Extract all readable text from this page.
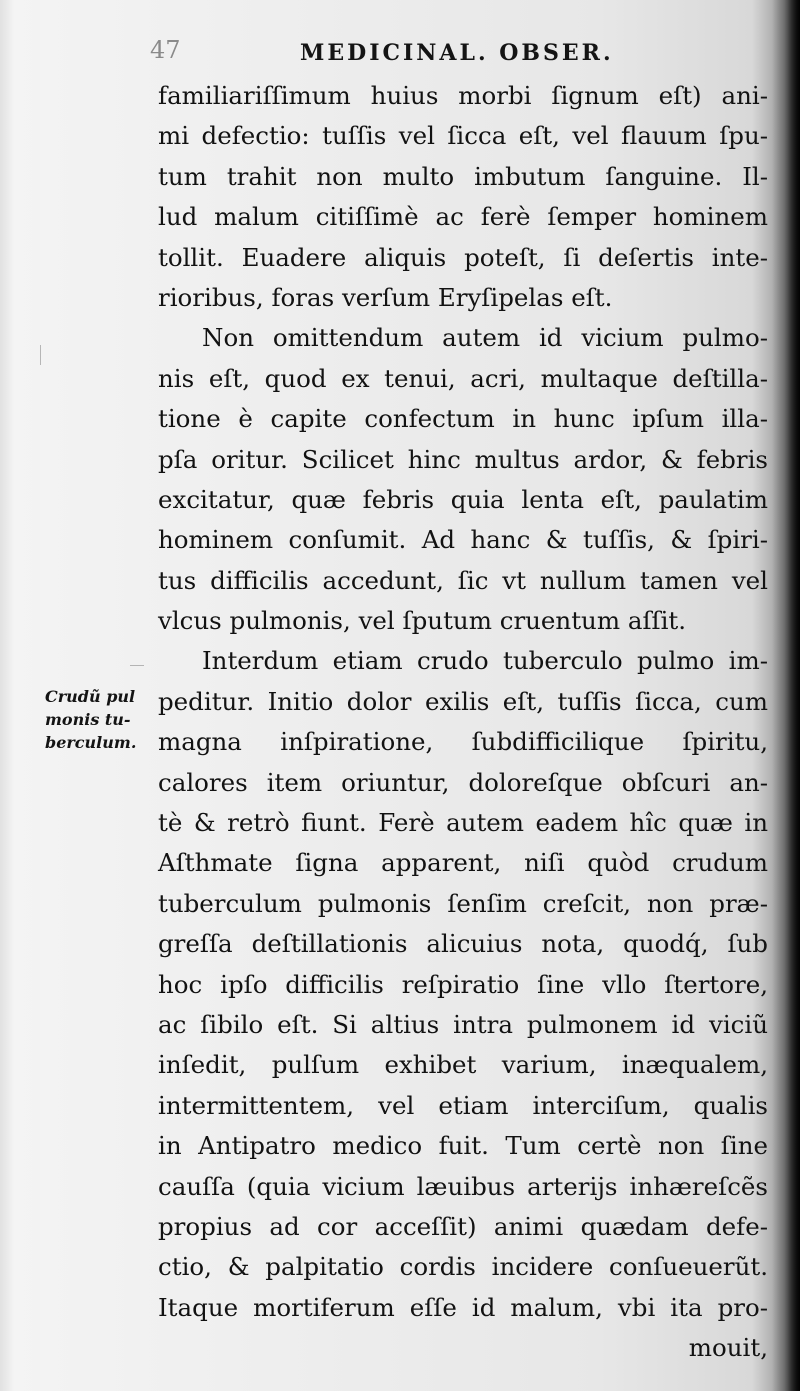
47	MEDICINAL. OBSER.
Crudũ pul
monis tu-
berculum.
familiariſſimum huius morbi ſignum eſt) ani-
mi defectio: tuſſis vel ſicca eſt, vel flauum ſpu-
tum trahit non multo imbutum ſanguine. Il-
lud malum citiſſimè ac ferè ſemper hominem
tollit. Euadere aliquis poteſt, ſi deſertis inte-
rioribus, foras verſum Eryſipelas eſt.
Non omittendum autem id vicium pulmo-
nis eſt, quod ex tenui, acri, multaque deſtilla-
tione è capite confectum in hunc ipſum illa-
pſa oritur. Scilicet hinc multus ardor, & febris
excitatur, quæ febris quia lenta eſt, paulatim
hominem conſumit. Ad hanc & tuſſis, & ſpiri-
tus difficilis accedunt, ſic vt nullum tamen vel
vlcus pulmonis, vel ſputum cruentum aſſit.
Interdum etiam crudo tuberculo pulmo im-
peditur. Initio dolor exilis eſt, tuſſis ſicca, cum
magna inſpiratione, ſubdifficilique ſpiritu,
calores item oriuntur, doloreſque obſcuri an-
tè & retrò fiunt. Ferè autem eadem hîc quæ in
Aſthmate ſigna apparent, niſi quòd crudum
tuberculum pulmonis ſenſim creſcit, non præ-
greſſa deſtillationis alicuius nota, quodq́, ſub
hoc ipſo difficilis reſpiratio ſine vllo ſtertore,
ac ſibilo eſt. Si altius intra pulmonem id viciũ
inſedit, pulſum exhibet varium, inæqualem,
intermittentem, vel etiam interciſum, qualis
in Antipatro medico fuit. Tum certè non ſine
cauſſa (quia vicium læuibus arterijs inhæreſcẽs
propius ad cor acceſſit) animi quædam defe-
ctio, & palpitatio cordis incidere conſueuerũt.
Itaque mortiferum eſſe id malum, vbi ita pro-
mouit,
